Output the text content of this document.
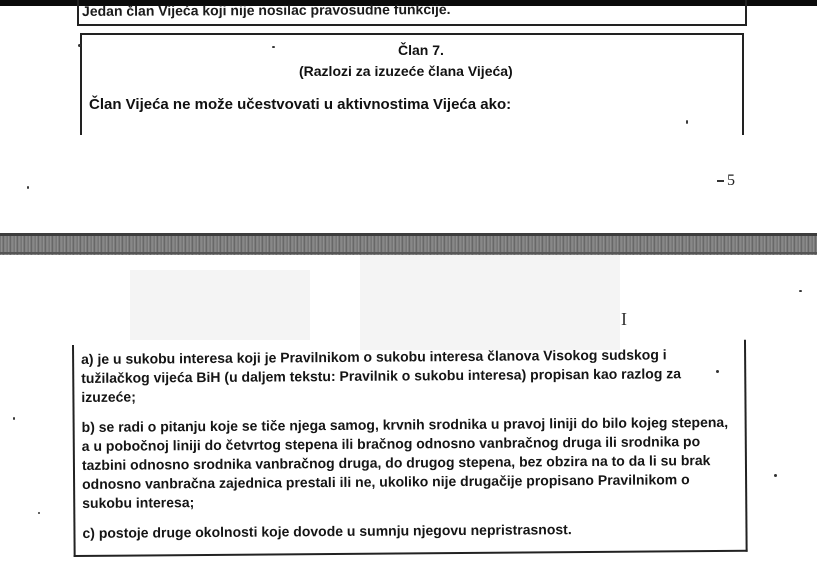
Jedan član Vijeća koji nije nosilac pravosudne funkcije.
Član 7.
(Razlozi za izuzeće člana Vijeća)
Član Vijeća ne može učestvovati u aktivnostima Vijeća ako:
5
I
a) je u sukobu interesa koji je Pravilnikom o sukobu interesa članova Visokog sudskog i tužilačkog vijeća BiH (u daljem tekstu: Pravilnik o sukobu interesa) propisan kao razlog za izuzeće;
b) se radi o pitanju koje se tiče njega samog, krvnih srodnika u pravoj liniji do bilo kojeg stepena, a u pobočnoj liniji do četvrtog stepena ili bračnog odnosno vanbračnog druga ili srodnika po tazbini odnosno srodnika vanbračnog druga, do drugog stepena, bez obzira na to da li su brak odnosno vanbračna zajednica prestali ili ne, ukoliko nije drugačije propisano Pravilnikom o sukobu interesa;
c) postoje druge okolnosti koje dovode u sumnju njegovu nepristrasnost.
